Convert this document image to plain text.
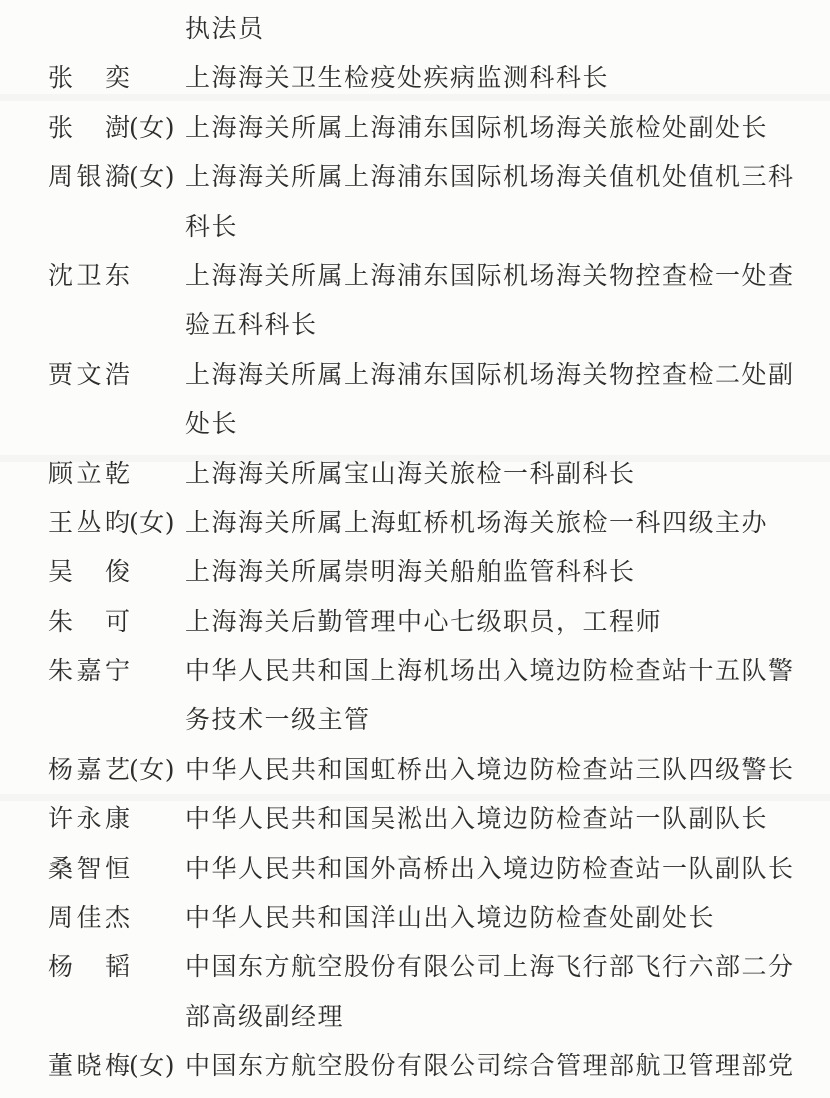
执法员
张 奕 上海海关卫生检疫处疾病监测科科长
张 澍 (女) 上海海关所属上海浦东国际机场海关旅检处副处长
周 银 漪 (女) 上海海关所属上海浦东国际机场海关值机处值机三科
科长
沈 卫 东 上海海关所属上海浦东国际机场海关物控查检一处查
验五科科长
贾 文 浩 上海海关所属上海浦东国际机场海关物控查检二处副
处长
顾 立 乾 上海海关所属宝山海关旅检一科副科长
王 丛 昀 (女) 上海海关所属上海虹桥机场海关旅检一科四级主办
吴 俊 上海海关所属崇明海关船舶监管科科长
朱 可 上海海关后勤管理中心七级职员，工程师
朱 嘉 宁 中华人民共和国上海机场出入境边防检查站十五队警
务技术一级主管
杨 嘉 艺 (女) 中华人民共和国虹桥出入境边防检查站三队四级警长
许 永 康 中华人民共和国吴淞出入境边防检查站一队副队长
桑 智 恒 中华人民共和国外高桥出入境边防检查站一队副队长
周 佳 杰 中华人民共和国洋山出入境边防检查处副处长
杨 韬 中国东方航空股份有限公司上海飞行部飞行六部二分
部高级副经理
董 晓 梅 (女) 中国东方航空股份有限公司综合管理部航卫管理部党
